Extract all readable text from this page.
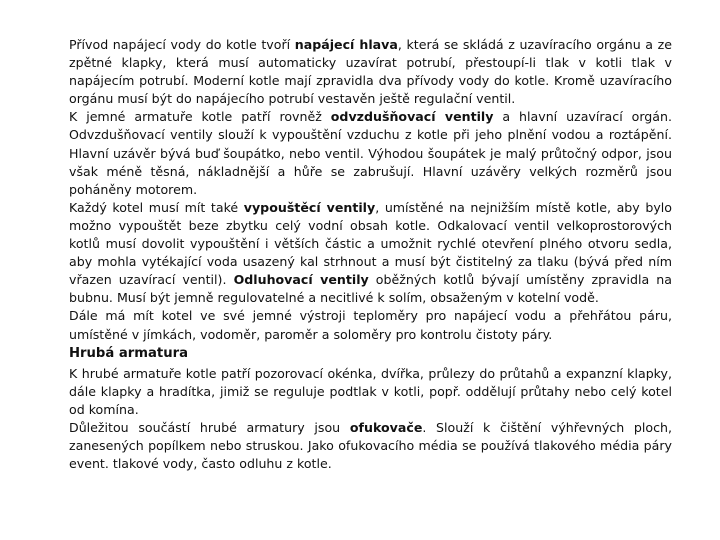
Přívod napájecí vody do kotle tvoří napájecí hlava, která se skládá z uzavíracího orgánu a ze zpětné klapky, která musí automaticky uzavírat potrubí, přestoupí-li tlak v kotli tlak v napájecím potrubí. Moderní kotle mají zpravidla dva přívody vody do kotle. Kromě uzavíracího orgánu musí být do napájecího potrubí vestavěn ještě regulační ventil.

K jemné armatuře kotle patří rovněž odvzdušňovací ventily a hlavní uzavírací orgán. Odvzdušňovací ventily slouží k vypouštění vzduchu z kotle při jeho plnění vodou a roztápění. Hlavní uzávěr bývá buď šoupátko, nebo ventil. Výhodou šoupátek je malý průtočný odpor, jsou však méně těsná, nákladnější a hůře se zabrušují. Hlavní uzávěry velkých rozměrů jsou poháněny motorem.

Každý kotel musí mít také vypouštěcí ventily, umístěné na nejnižším místě kotle, aby bylo možno vypouštět beze zbytku celý vodní obsah kotle. Odkalovací ventil velkoprostorových kotlů musí dovolit vypouštění i větších částic a umožnit rychlé otevření plného otvoru sedla, aby mohla vytékající voda usazený kal strhnout a musí být čistitelný za tlaku (bývá před ním vřazen uzavírací ventil). Odluhovací ventily oběžných kotlů bývají umístěny zpravidla na bubnu. Musí být jemně regulovatelné a necitlivé k solím, obsaženým v kotelní vodě.

Dále má mít kotel ve své jemné výstroji teploměry pro napájecí vodu a přehřátou páru, umístěné v jímkách, vodoměr, paroměr a soloměry pro kontrolu čistoty páry.

Hrubá armatura

K hrubé armatuře kotle patří pozorovací okénka, dvířka, průlezy do průtahů a expanzní klapky, dále klapky a hradítka, jimiž se reguluje podtlak v kotli, popř. oddělují průtahy nebo celý kotel od komína.

Důležitou součástí hrubé armatury jsou ofukovače. Slouží k čištění výhřevných ploch, zanesených popílkem nebo struskou. Jako ofukovacího média se používá tlakového média páry event. tlakové vody, často odluhu z kotle.
